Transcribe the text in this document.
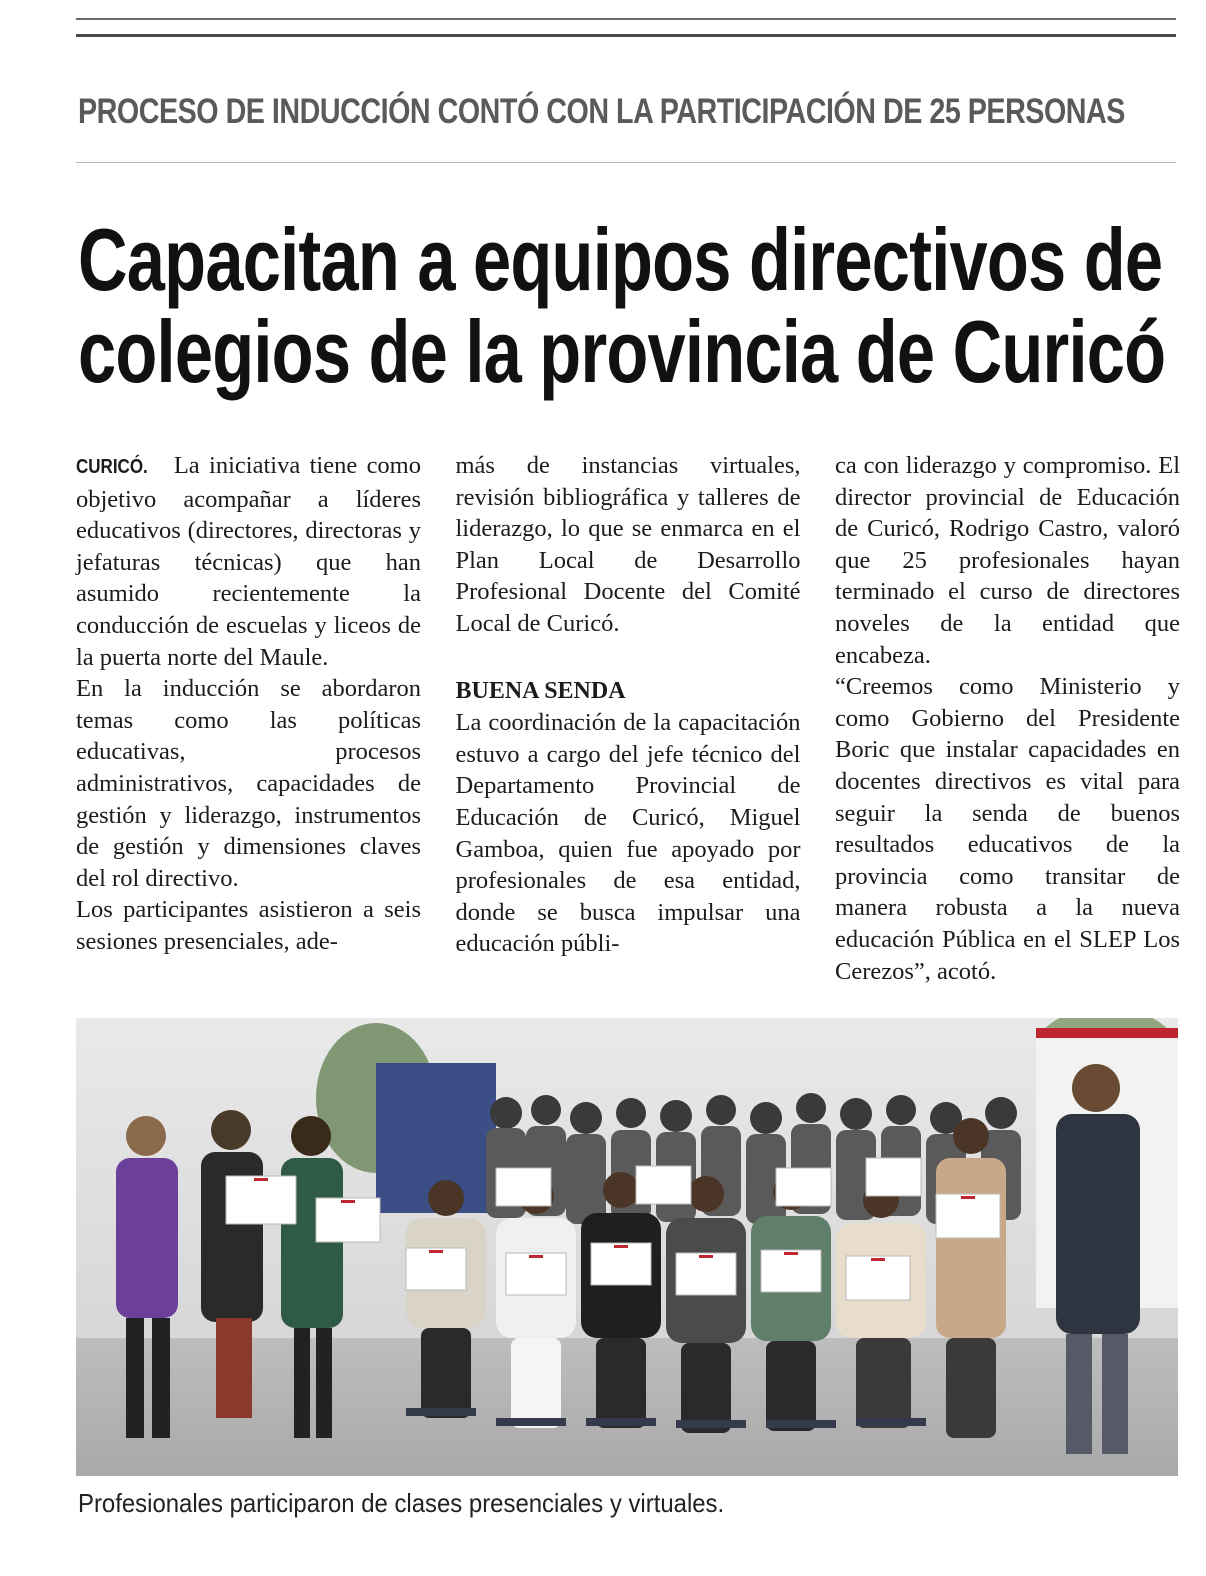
PROCESO DE INDUCCIÓN CONTÓ CON LA PARTICIPACIÓN DE 25 PERSONAS
Capacitan a equipos directivos de
colegios de la provincia de Curicó

CURICÓ. La iniciativa tiene como objetivo acompañar a líderes educativos (directores, directoras y jefaturas técnicas) que han asumido recientemente la conducción de escuelas y liceos de la puerta norte del Maule.

En la inducción se abordaron temas como las políticas educativas, procesos administrativos, capacidades de gestión y liderazgo, instrumentos de gestión y dimensiones claves del rol directivo.

Los participantes asistieron a seis sesiones presenciales, ade-

más de instancias virtuales, revisión bibliográfica y talleres de liderazgo, lo que se enmarca en el Plan Local de Desarrollo Profesional Docente del Comité Local de Curicó.

BUENA SENDA

La coordinación de la capacitación estuvo a cargo del jefe técnico del Departamento Provincial de Educación de Curicó, Miguel Gamboa, quien fue apoyado por profesionales de esa entidad, donde se busca impulsar una educación públi-

ca con liderazgo y compromiso. El director provincial de Educación de Curicó, Rodrigo Castro, valoró que 25 profesionales hayan terminado el curso de directores noveles de la entidad que encabeza.

“Creemos como Ministerio y como Gobierno del Presidente Boric que instalar capacidades en docentes directivos es vital para seguir la senda de buenos resultados educativos de la provincia como transitar de manera robusta a la nueva educación Pública en el SLEP Los Cerezos”, acotó.

Profesionales participaron de clases presenciales y virtuales.
